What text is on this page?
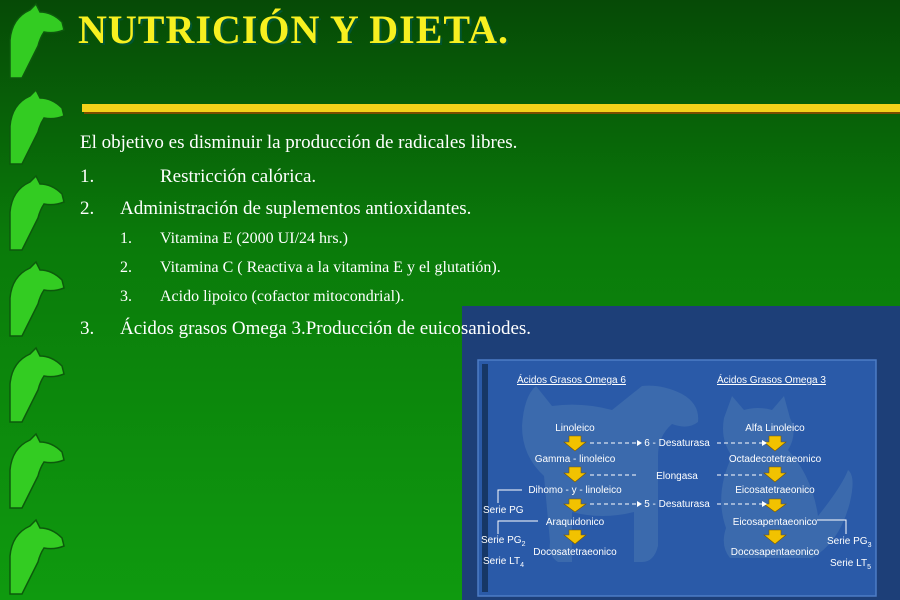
NUTRICIÓN Y DIETA.
El objetivo es disminuir la producción de radicales libres.
1.	Restricción calórica.
2. Administración de suplementos antioxidantes.
1. Vitamina E (2000 UI/24 hrs.)
2. Vitamina C ( Reactiva a la vitamina E y el glutatión).
3. Acido lipoico (cofactor mitocondrial).
3. Ácidos grasos Omega 3.Producción de euicosaniodes.
Ácidos Grasos Omega 6	Ácidos Grasos Omega 3
Linoleico
Gamma - linoleico
Dihomo - y - linoleico
Araquidonico
Docosatetraeonico
Alfa Linoleico
Octadecotetraeonico
Eicosatetraeonico
Eicosapentaeonico
Docosapentaeonico
6 - Desaturasa
Elongasa
5 - Desaturasa
Serie PG
Serie $PG_2$
Serie $LT_4$
Serie $PG_3$
Serie $LT_5$
